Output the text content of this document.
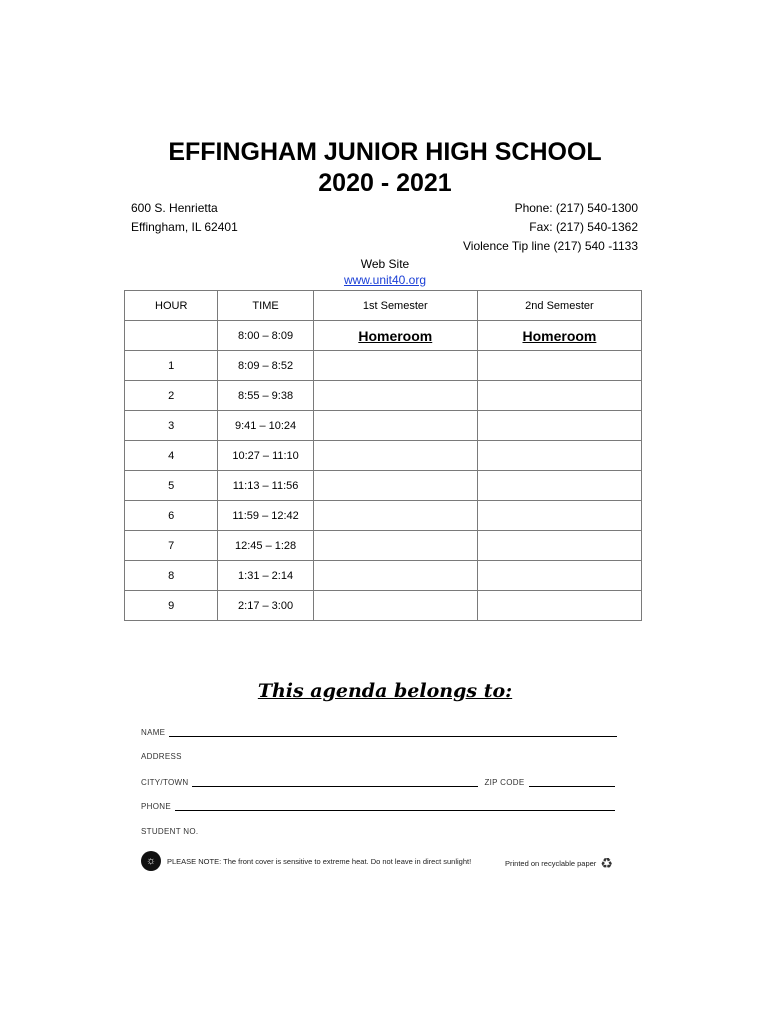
EFFINGHAM JUNIOR HIGH SCHOOL
2020 - 2021
600 S. Henrietta
Effingham, IL 62401
Phone: (217) 540-1300
Fax: (217) 540-1362
Violence Tip line (217) 540 -1133
Web Site
www.unit40.org
HOUR	TIME	1st Semester	2nd Semester
	8:00 – 8:09	Homeroom	Homeroom
1	8:09 – 8:52		
2	8:55 – 9:38		
3	9:41 – 10:24		
4	10:27 – 11:10		
5	11:13 – 11:56		
6	11:59 – 12:42		
7	12:45 – 1:28		
8	1:31 – 2:14		
9	2:17 – 3:00		
This agenda belongs to:
NAME
ADDRESS
CITY/TOWN	ZIP CODE
PHONE
STUDENT NO.
☼	PLEASE NOTE: The front cover is sensitive to extreme heat. Do not leave in direct sunlight!	Printed on recyclable paper ♻
